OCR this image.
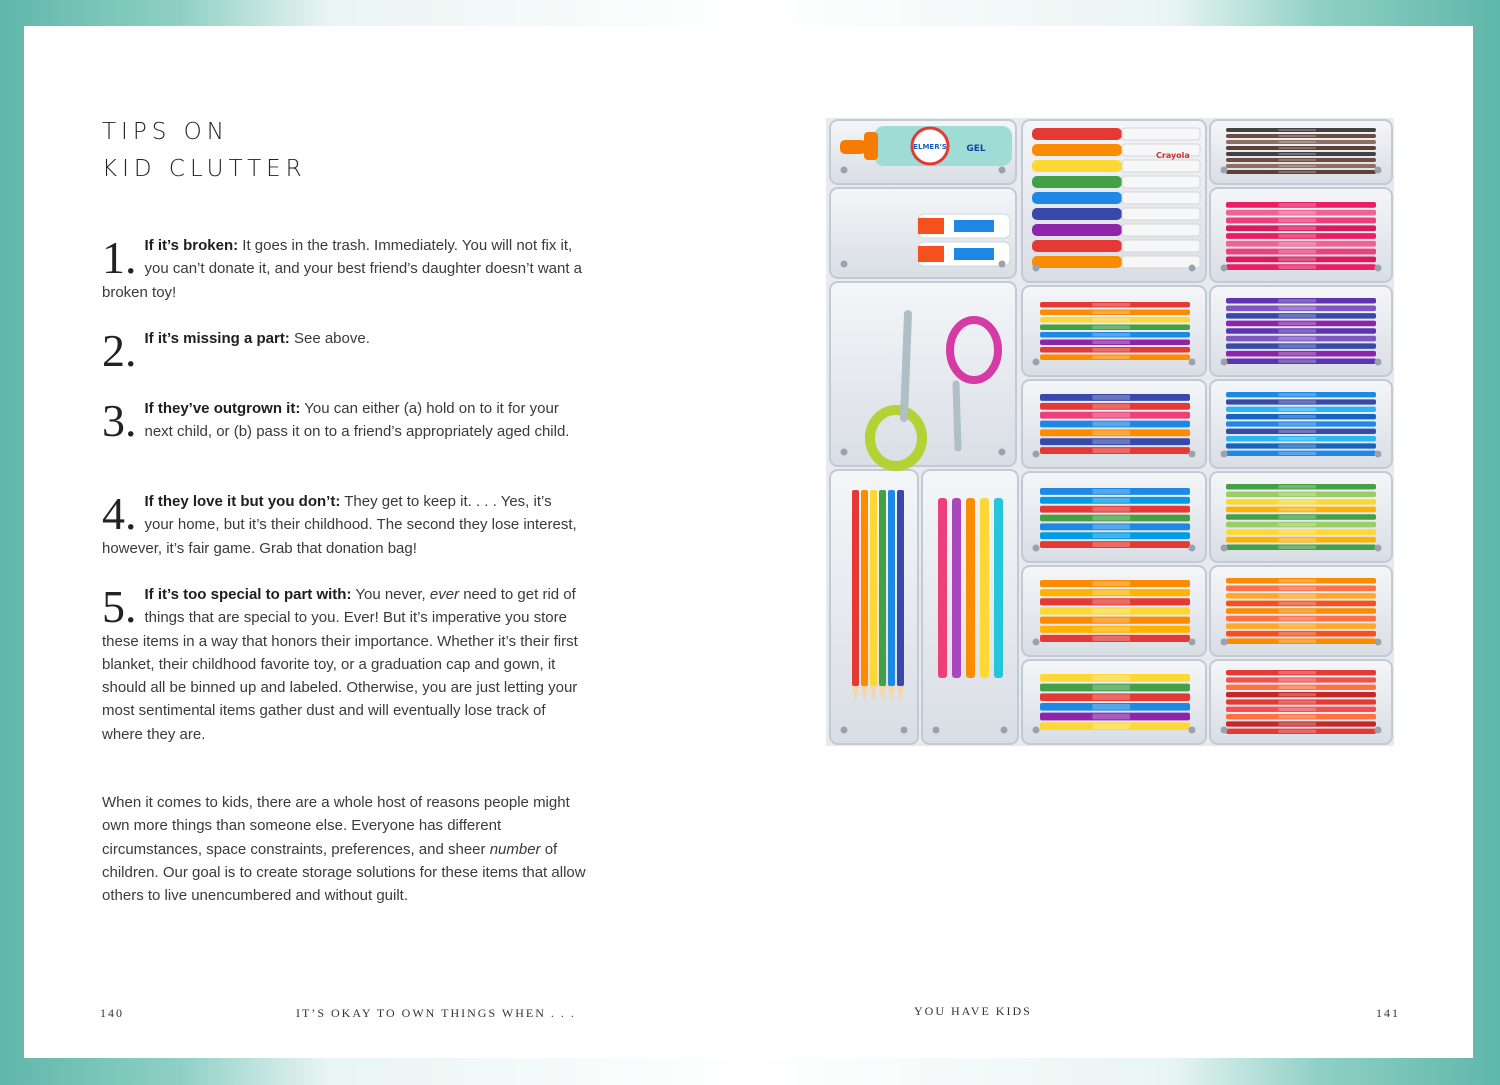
TIPS ON
KID CLUTTER
1. If it’s broken: It goes in the trash. Immediately. You will not fix it, you can’t donate it, and your best friend’s daughter doesn’t want a broken toy!
2. If it’s missing a part: See above.
3. If they’ve outgrown it: You can either (a) hold on to it for your next child, or (b) pass it on to a friend’s appropriately aged child.
4. If they love it but you don’t: They get to keep it. . . . Yes, it’s your home, but it’s their childhood. The second they lose interest, however, it’s fair game. Grab that donation bag!
5. If it’s too special to part with: You never, ever need to get rid of things that are special to you. Ever! But it’s imperative you store these items in a way that honors their importance. Whether it’s their first blanket, their childhood favorite toy, or a graduation cap and gown, it should all be binned up and labeled. Otherwise, you are just letting your most sentimental items gather dust and will eventually lose track of where they are.

When it comes to kids, there are a whole host of reasons people might own more things than someone else. Everyone has different circumstances, space constraints, preferences, and sheer number of children. Our goal is to create storage solutions for these items that allow others to live unencumbered and without guilt.

140	IT’S OKAY TO OWN THINGS WHEN . . .	YOU HAVE KIDS	141
ELMER'S GEL
Crayola
